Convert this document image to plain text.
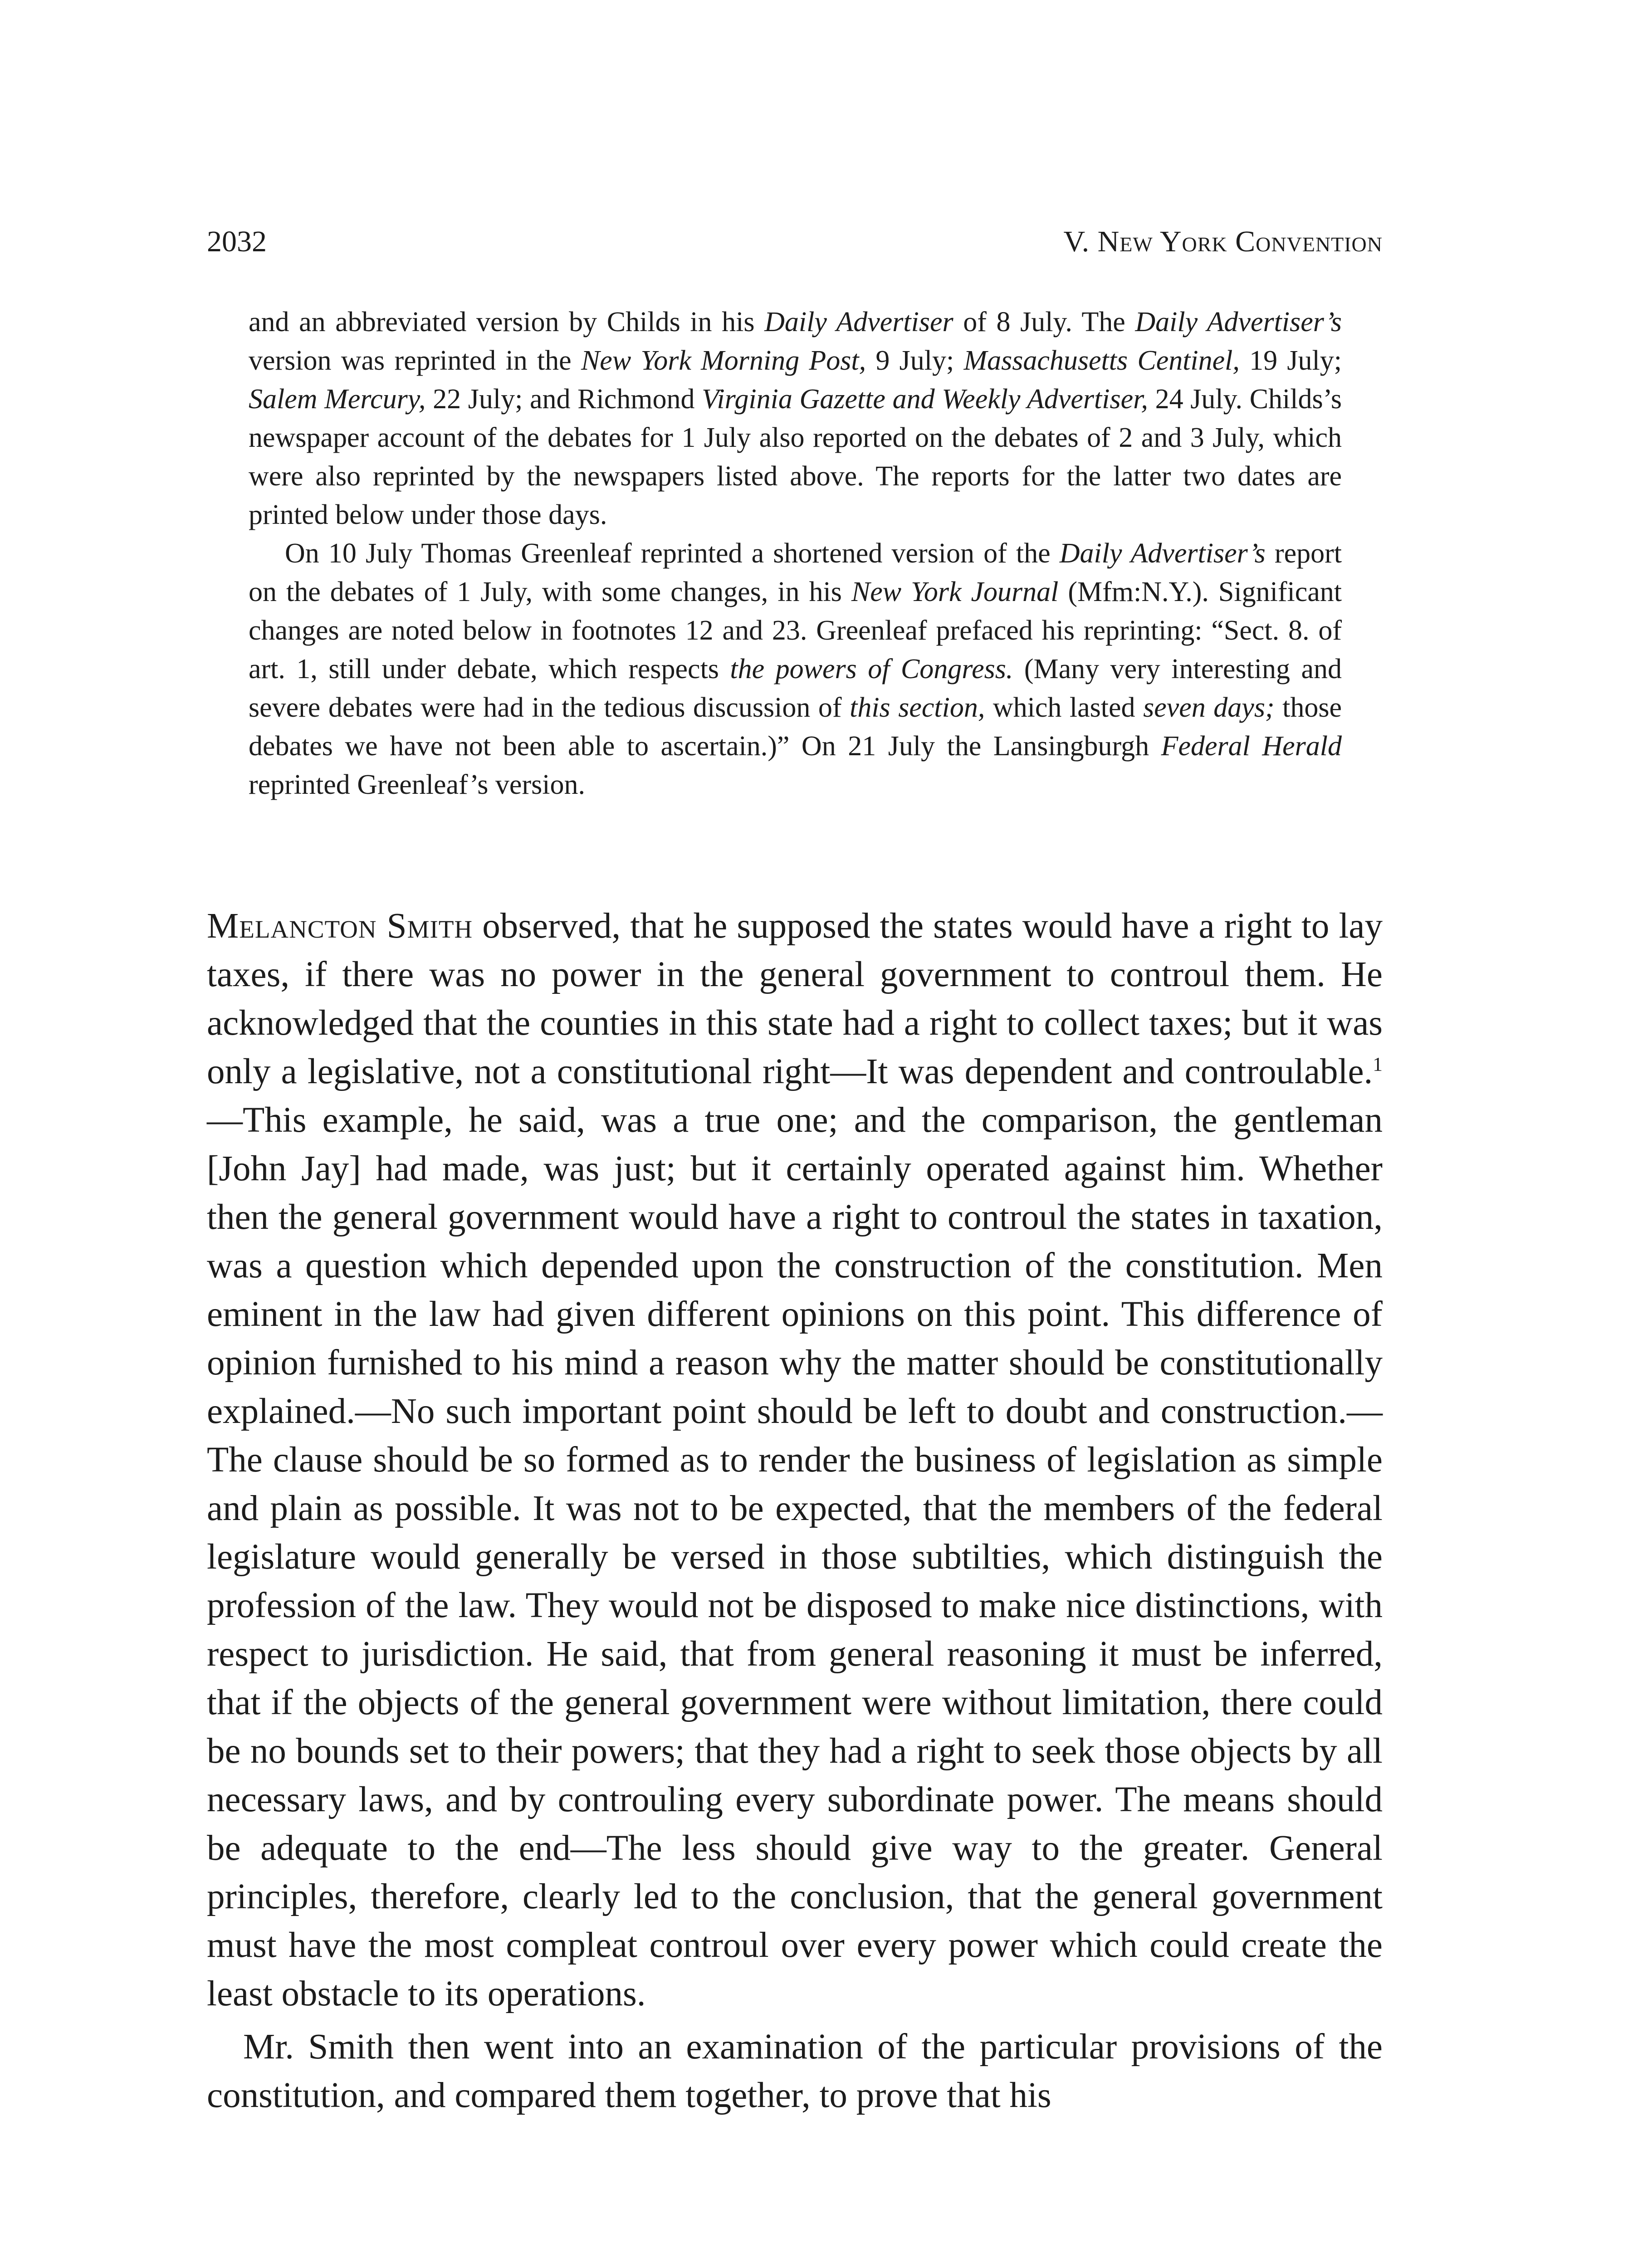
2032	V. New York Convention

and an abbreviated version by Childs in his Daily Advertiser of 8 July. The Daily Advertiser’s version was reprinted in the New York Morning Post, 9 July; Massachusetts Centinel, 19 July; Salem Mercury, 22 July; and Richmond Virginia Gazette and Weekly Advertiser, 24 July. Childs’s newspaper account of the debates for 1 July also reported on the debates of 2 and 3 July, which were also reprinted by the newspapers listed above. The reports for the latter two dates are printed below under those days.

On 10 July Thomas Greenleaf reprinted a shortened version of the Daily Advertiser’s report on the debates of 1 July, with some changes, in his New York Journal (Mfm:N.Y.). Significant changes are noted below in footnotes 12 and 23. Greenleaf prefaced his reprinting: “Sect. 8. of art. 1, still under debate, which respects the powers of Congress. (Many very interesting and severe debates were had in the tedious discussion of this section, which lasted seven days; those debates we have not been able to ascertain.)” On 21 July the Lansingburgh Federal Herald reprinted Greenleaf’s version.

Melancton Smith observed, that he supposed the states would have a right to lay taxes, if there was no power in the general government to controul them. He acknowledged that the counties in this state had a right to collect taxes; but it was only a legislative, not a constitutional right—It was dependent and controulable.$^1$—This example, he said, was a true one; and the comparison, the gentleman [John Jay] had made, was just; but it certainly operated against him. Whether then the general government would have a right to controul the states in taxation, was a question which depended upon the construction of the constitution. Men eminent in the law had given different opinions on this point. This difference of opinion furnished to his mind a reason why the matter should be constitutionally explained.—No such important point should be left to doubt and construction.—The clause should be so formed as to render the business of legislation as simple and plain as possible. It was not to be expected, that the members of the federal legislature would generally be versed in those subtilties, which distinguish the profession of the law. They would not be disposed to make nice distinctions, with respect to jurisdiction. He said, that from general reasoning it must be inferred, that if the objects of the general government were without limitation, there could be no bounds set to their powers; that they had a right to seek those objects by all necessary laws, and by controuling every subordinate power. The means should be adequate to the end—The less should give way to the greater. General principles, therefore, clearly led to the conclusion, that the general government must have the most compleat controul over every power which could create the least obstacle to its operations.

Mr. Smith then went into an examination of the particular provisions of the constitution, and compared them together, to prove that his
